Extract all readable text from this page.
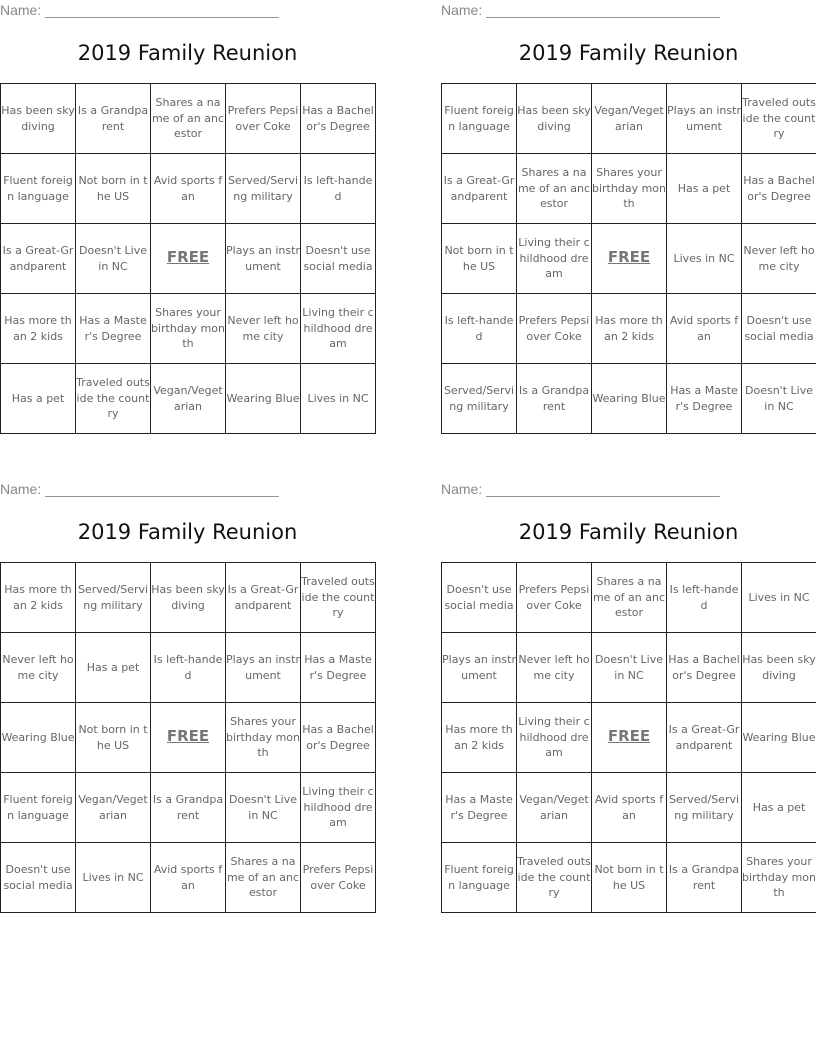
Name: ______________________________
2019 Family Reunion
Has been skydiving	Is a Grandparent	Shares a name of an ancestor	Prefers Pepsi over Coke	Has a Bachelor's Degree
Fluent foreign language	Not born in the US	Avid sports fan	Served/Serving military	Is left-handed
Is a Great-Grandparent	Doesn't Live in NC	FREE	Plays an instrument	Doesn't use social media
Has more than 2 kids	Has a Master's Degree	Shares your birthday month	Never left home city	Living their childhood dream
Has a pet	Traveled outside the country	Vegan/Vegetarian	Wearing Blue	Lives in NC
Name: ______________________________
2019 Family Reunion
Fluent foreign language	Has been skydiving	Vegan/Vegetarian	Plays an instrument	Traveled outside the country
Is a Great-Grandparent	Shares a name of an ancestor	Shares your birthday month	Has a pet	Has a Bachelor's Degree
Not born in the US	Living their childhood dream	FREE	Lives in NC	Never left home city
Is left-handed	Prefers Pepsi over Coke	Has more than 2 kids	Avid sports fan	Doesn't use social media
Served/Serving military	Is a Grandparent	Wearing Blue	Has a Master's Degree	Doesn't Live in NC
Name: ______________________________
2019 Family Reunion
Has more than 2 kids	Served/Serving military	Has been skydiving	Is a Great-Grandparent	Traveled outside the country
Never left home city	Has a pet	Is left-handed	Plays an instrument	Has a Master's Degree
Wearing Blue	Not born in the US	FREE	Shares your birthday month	Has a Bachelor's Degree
Fluent foreign language	Vegan/Vegetarian	Is a Grandparent	Doesn't Live in NC	Living their childhood dream
Doesn't use social media	Lives in NC	Avid sports fan	Shares a name of an ancestor	Prefers Pepsi over Coke
Name: ______________________________
2019 Family Reunion
Doesn't use social media	Prefers Pepsi over Coke	Shares a name of an ancestor	Is left-handed	Lives in NC
Plays an instrument	Never left home city	Doesn't Live in NC	Has a Bachelor's Degree	Has been skydiving
Has more than 2 kids	Living their childhood dream	FREE	Is a Great-Grandparent	Wearing Blue
Has a Master's Degree	Vegan/Vegetarian	Avid sports fan	Served/Serving military	Has a pet
Fluent foreign language	Traveled outside the country	Not born in the US	Is a Grandparent	Shares your birthday month
